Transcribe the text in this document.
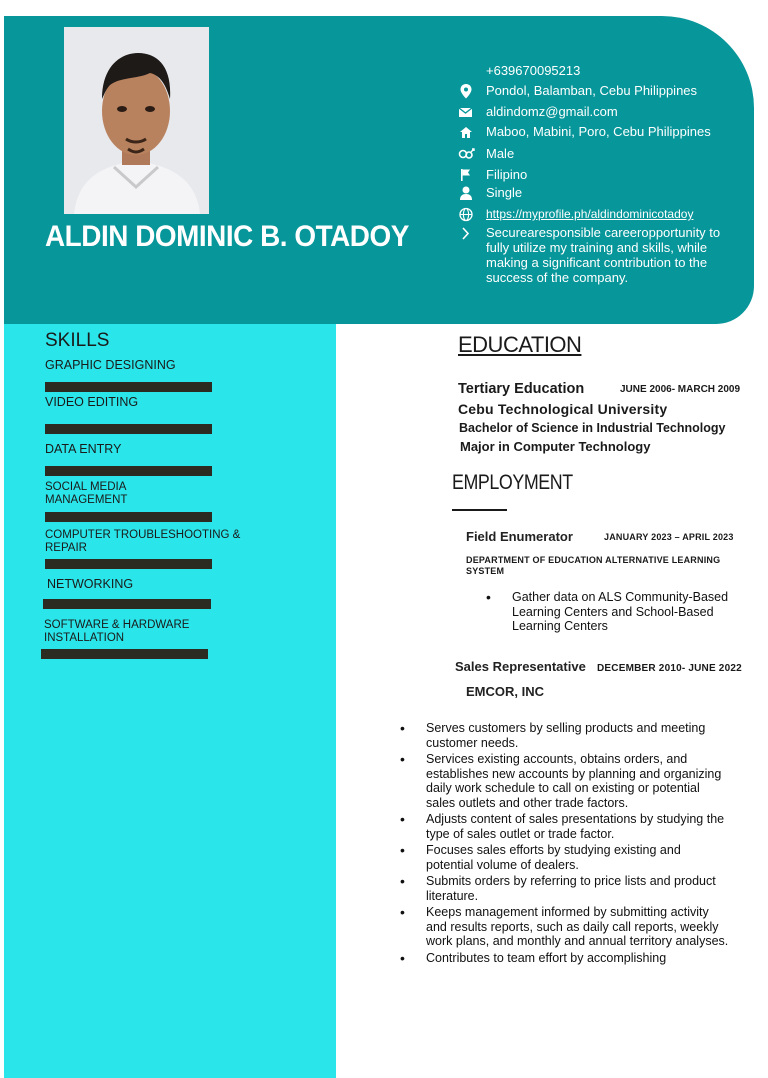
ALDIN DOMINIC B. OTADOY
+639670095213
Pondol, Balamban, Cebu Philippines
aldindomz@gmail.com
Maboo, Mabini, Poro, Cebu Philippines
Male
Filipino
Single
https://myprofile.ph/aldindominicotadoy
Securearesponsible careeropportunity to fully utilize my training and skills, while making a significant contribution to the success of the company.
SKILLS
GRAPHIC DESIGNING
VIDEO EDITING
DATA ENTRY
SOCIAL MEDIA MANAGEMENT
COMPUTER TROUBLESHOOTING & REPAIR
NETWORKING
SOFTWARE & HARDWARE INSTALLATION
EDUCATION
Tertiary Education	JUNE 2006- MARCH 2009
Cebu Technological University
Bachelor of Science in Industrial Technology
Major in Computer Technology
EMPLOYMENT
Field Enumerator	JANUARY 2023 – APRIL 2023
DEPARTMENT OF EDUCATION ALTERNATIVE LEARNING SYSTEM
• Gather data on ALS Community-Based Learning Centers and School-Based Learning Centers
Sales Representative DECEMBER 2010- JUNE 2022
EMCOR, INC
• Serves customers by selling products and meeting customer needs.
• Services existing accounts, obtains orders, and establishes new accounts by planning and organizing daily work schedule to call on existing or potential sales outlets and other trade factors.
• Adjusts content of sales presentations by studying the type of sales outlet or trade factor.
• Focuses sales efforts by studying existing and potential volume of dealers.
• Submits orders by referring to price lists and product literature.
• Keeps management informed by submitting activity and results reports, such as daily call reports, weekly work plans, and monthly and annual territory analyses.
• Contributes to team effort by accomplishing
